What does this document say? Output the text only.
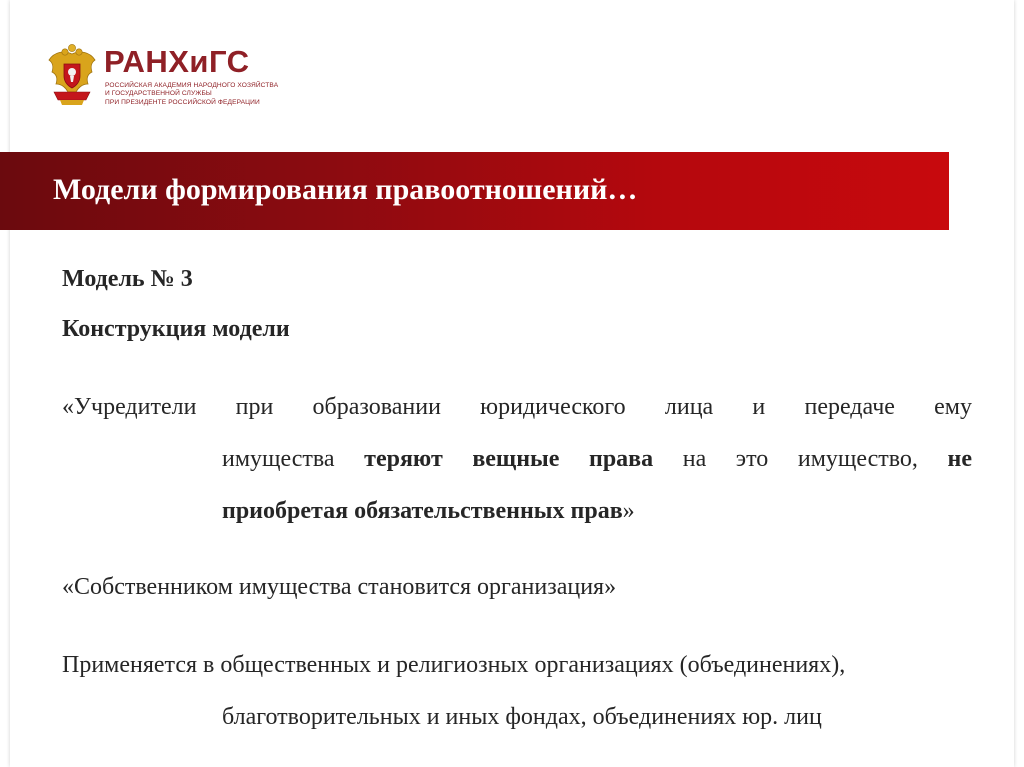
РАНХиГС
РОССИЙСКАЯ АКАДЕМИЯ НАРОДНОГО ХОЗЯЙСТВА
И ГОСУДАРСТВЕННОЙ СЛУЖБЫ
ПРИ ПРЕЗИДЕНТЕ РОССИЙСКОЙ ФЕДЕРАЦИИ
Модели формирования правоотношений…
Модель № 3
Конструкция модели
«Учредители при образовании юридического лица и передаче ему
имущества теряют вещные права на это имущество, не
приобретая обязательственных прав»
«Собственником имущества становится организация»
Применяется в общественных и религиозных организациях (объединениях),
благотворительных и иных фондах, объединениях юр. лиц
